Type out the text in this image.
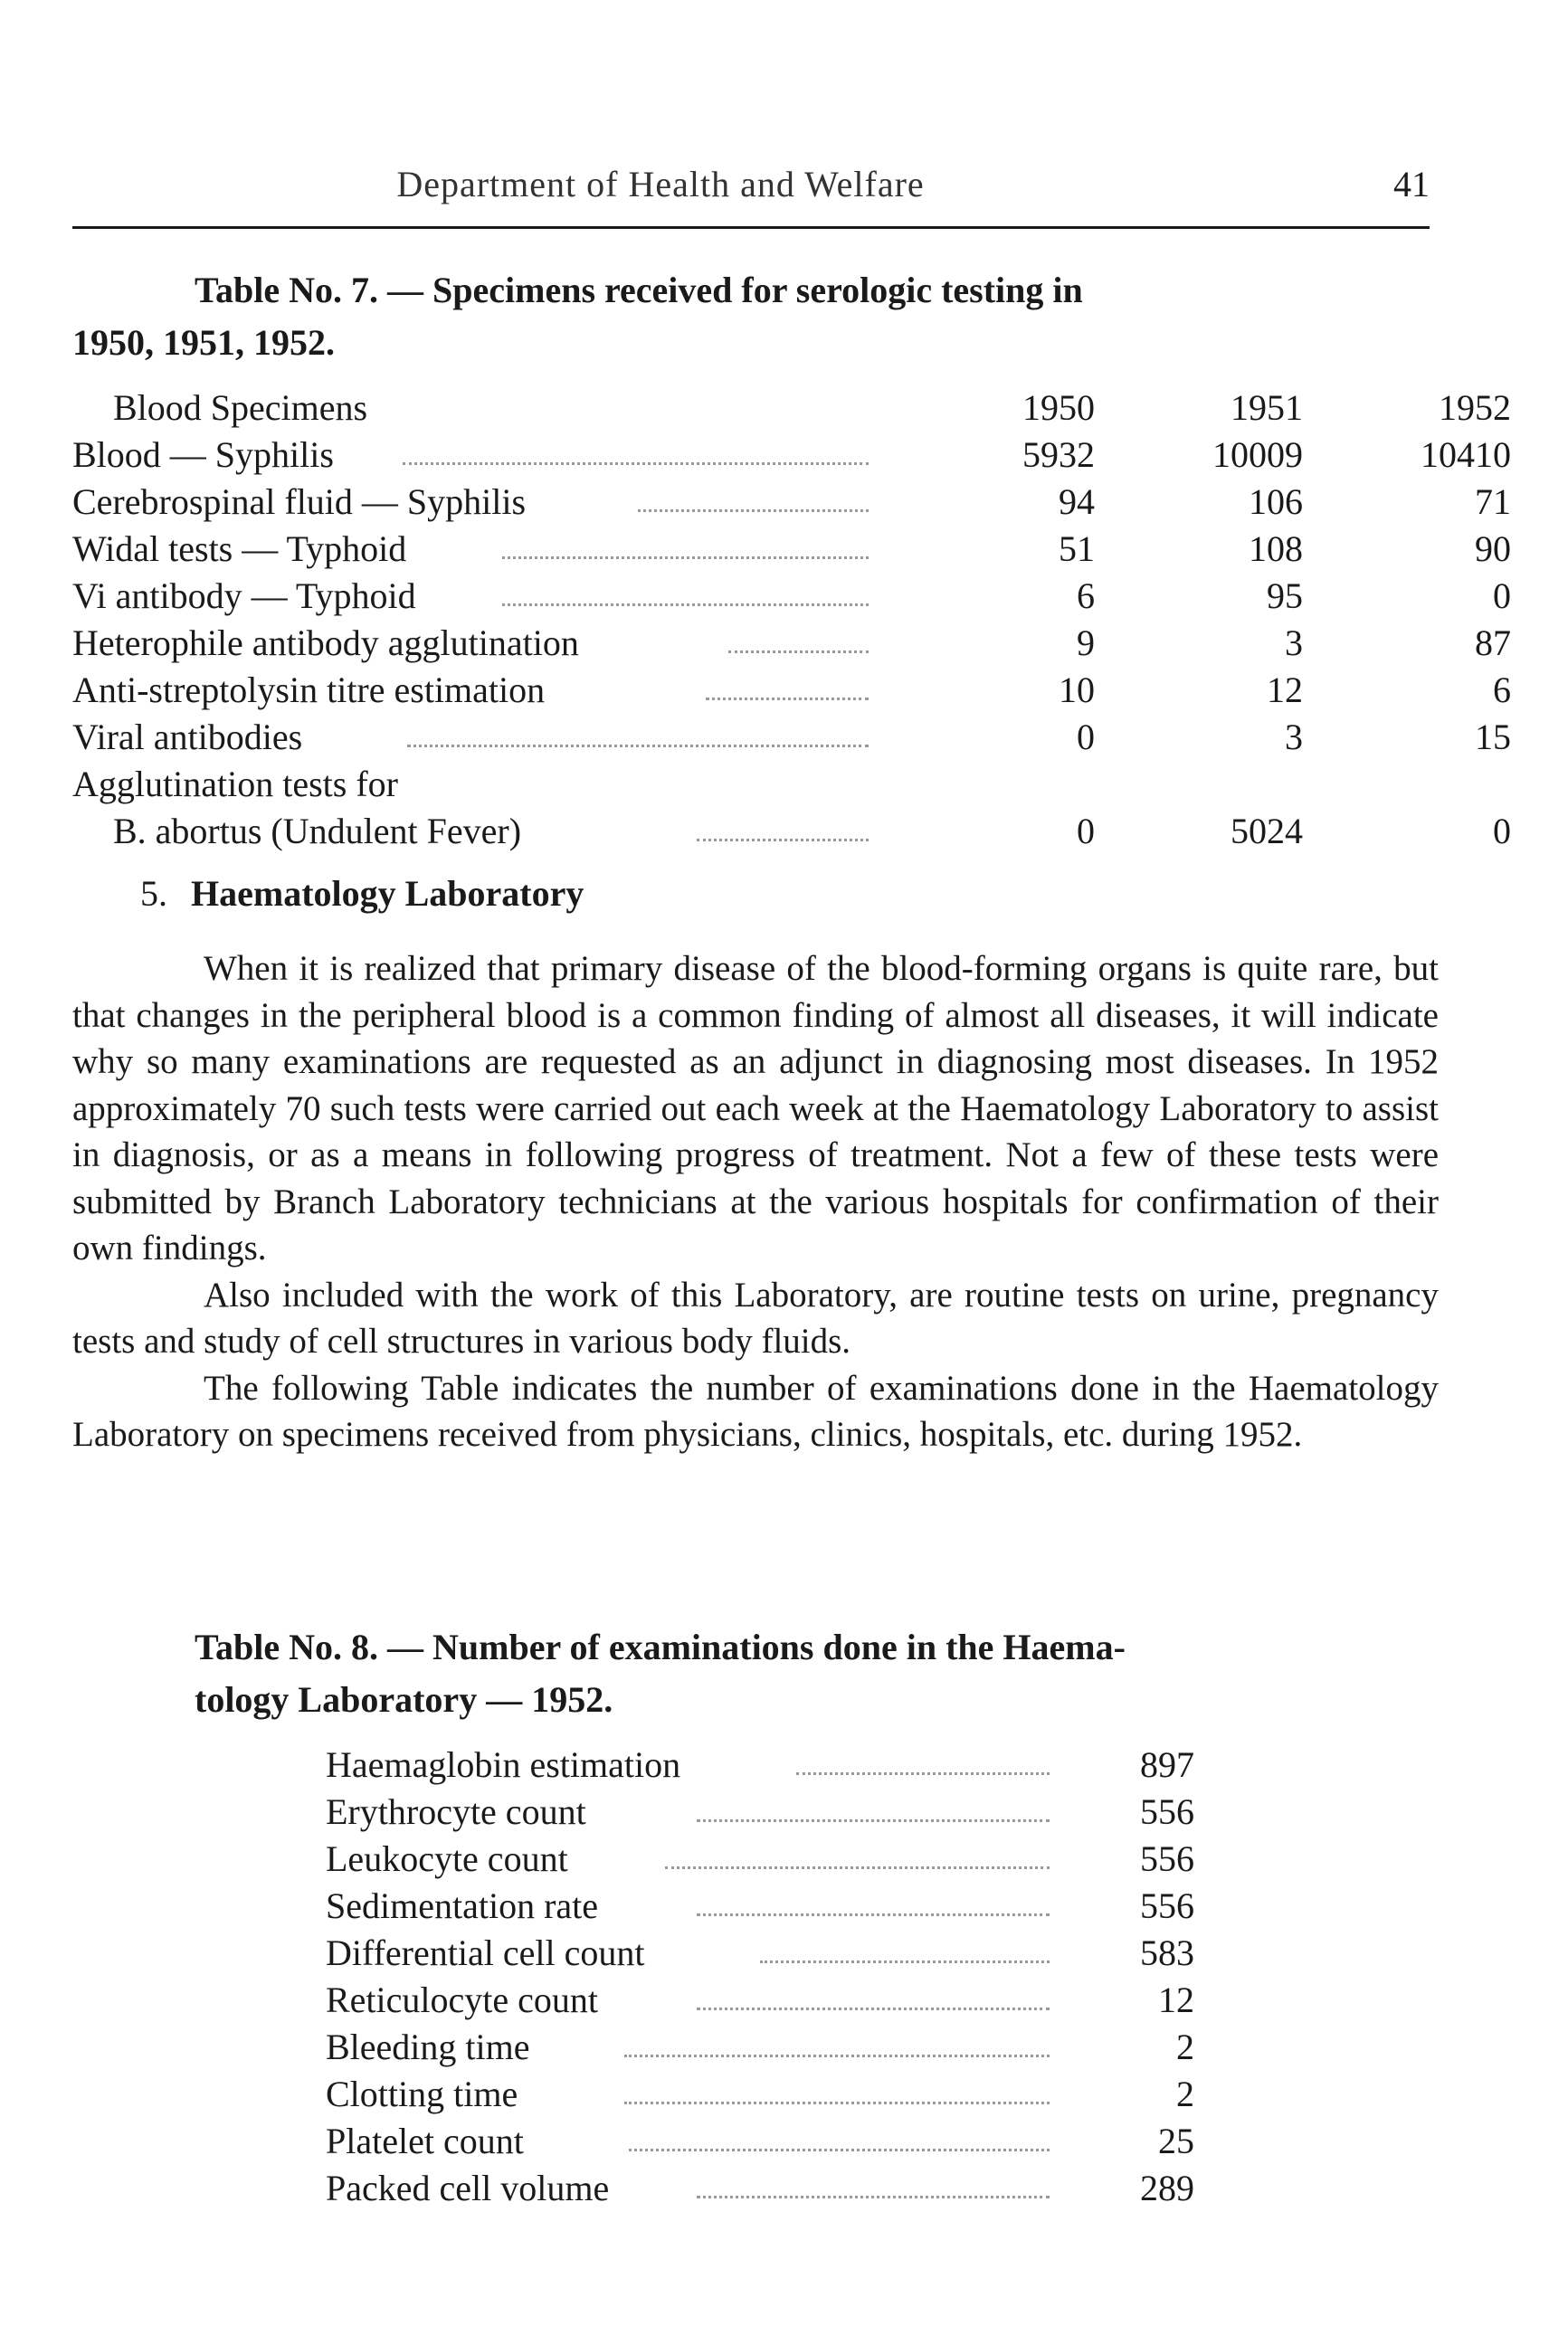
Department of Health and Welfare	41
Table No. 7. — Specimens received for serologic testing in
1950, 1951, 1952.
Blood Specimens	1950	1951	1952
Blood — Syphilis	5932	10009	10410
Cerebrospinal fluid — Syphilis	94	106	71
Widal tests — Typhoid	51	108	90
Vi antibody — Typhoid	6	95	0
Heterophile antibody agglutination	9	3	87
Anti-streptolysin titre estimation	10	12	6
Viral antibodies	0	3	15
Agglutination tests for
B. abortus (Undulent Fever)	0	5024	0
5. Haematology Laboratory

When it is realized that primary disease of the blood-forming organs is quite rare, but that changes in the peripheral blood is a common finding of almost all diseases, it will indicate why so many examinations are requested as an adjunct in diagnosing most diseases. In 1952 approximately 70 such tests were carried out each week at the Haematology Laboratory to assist in diagnosis, or as a means in following progress of treatment. Not a few of these tests were submitted by Branch Laboratory technicians at the various hospitals for confirmation of their own findings.

Also included with the work of this Laboratory, are routine tests on urine, pregnancy tests and study of cell structures in various body fluids.

The following Table indicates the number of examinations done in the Haematology Laboratory on specimens received from physicians, clinics, hospitals, etc. during 1952.

Table No. 8. — Number of examinations done in the Haema-
tology Laboratory — 1952.
Haemaglobin estimation	897
Erythrocyte count	556
Leukocyte count	556
Sedimentation rate	556
Differential cell count	583
Reticulocyte count	12
Bleeding time	2
Clotting time	2
Platelet count	25
Packed cell volume	289
